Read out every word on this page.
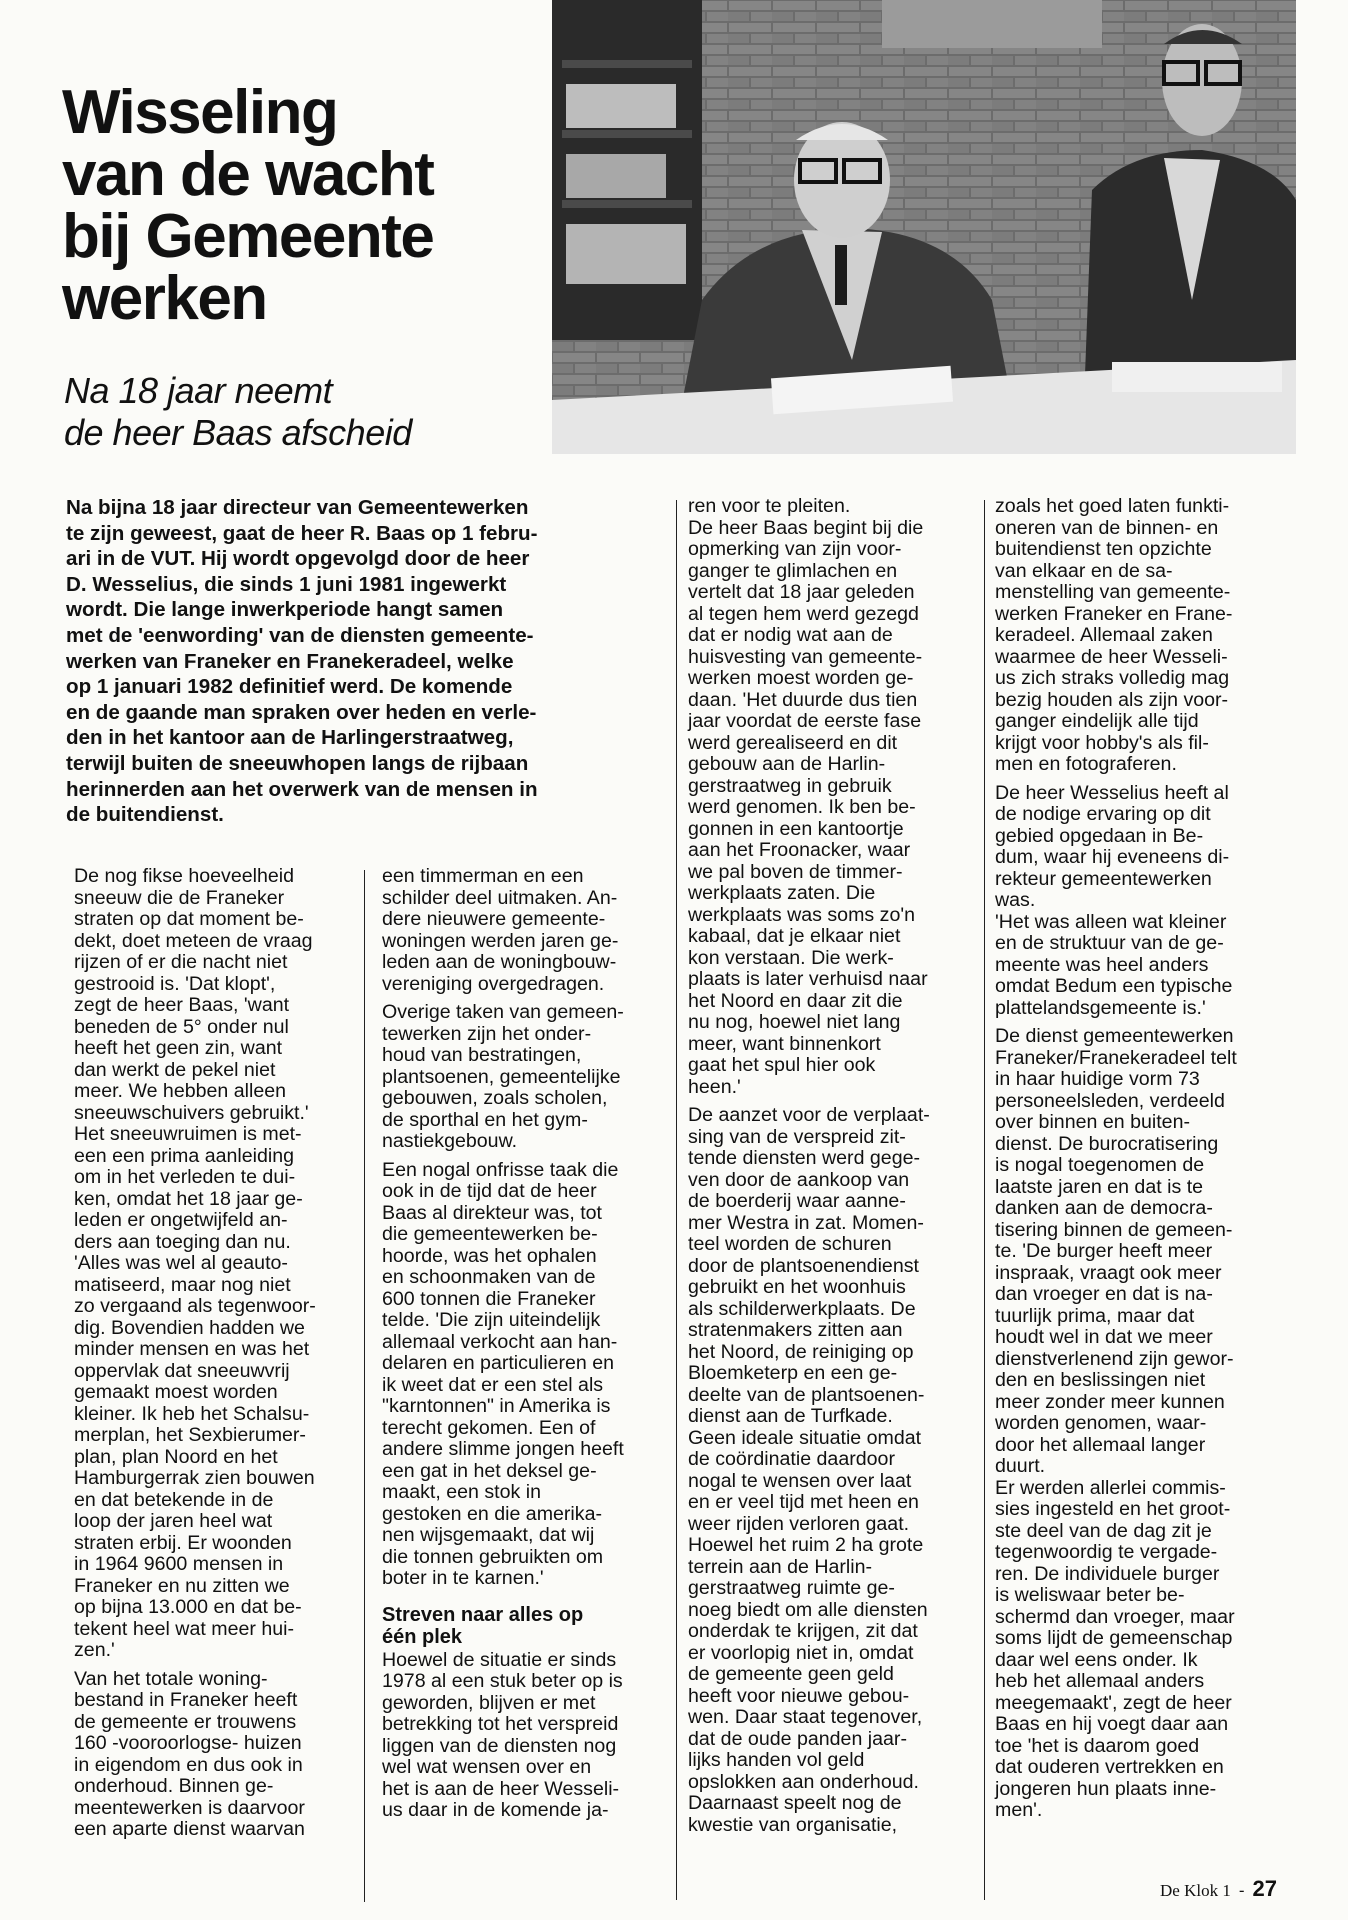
Wisseling
van de wacht
bij Gemeente
werken
Na 18 jaar neemt
de heer Baas afscheid
Na bijna 18 jaar directeur van Gemeentewerken
te zijn geweest, gaat de heer R. Baas op 1 febru-
ari in de VUT. Hij wordt opgevolgd door de heer
D. Wesselius, die sinds 1 juni 1981 ingewerkt
wordt. Die lange inwerkperiode hangt samen
met de 'eenwording' van de diensten gemeente-
werken van Franeker en Franekeradeel, welke
op 1 januari 1982 definitief werd. De komende
en de gaande man spraken over heden en verle-
den in het kantoor aan de Harlingerstraatweg,
terwijl buiten de sneeuwhopen langs de rijbaan
herinnerden aan het overwerk van de mensen in
de buitendienst.
De nog fikse hoeveelheid
sneeuw die de Franeker
straten op dat moment be-
dekt, doet meteen de vraag
rijzen of er die nacht niet
gestrooid is. 'Dat klopt',
zegt de heer Baas, 'want
beneden de 5° onder nul
heeft het geen zin, want
dan werkt de pekel niet
meer. We hebben alleen
sneeuwschuivers gebruikt.'
Het sneeuwruimen is met-
een een prima aanleiding
om in het verleden te dui-
ken, omdat het 18 jaar ge-
leden er ongetwijfeld an-
ders aan toeging dan nu.
'Alles was wel al geauto-
matiseerd, maar nog niet
zo vergaand als tegenwoor-
dig. Bovendien hadden we
minder mensen en was het
oppervlak dat sneeuwvrij
gemaakt moest worden
kleiner. Ik heb het Schalsu-
merplan, het Sexbierumer-
plan, plan Noord en het
Hamburgerrak zien bouwen
en dat betekende in de
loop der jaren heel wat
straten erbij. Er woonden
in 1964 9600 mensen in
Franeker en nu zitten we
op bijna 13.000 en dat be-
tekent heel wat meer hui-
zen.'
Van het totale woning-
bestand in Franeker heeft
de gemeente er trouwens
160 -vooroorlogse- huizen
in eigendom en dus ook in
onderhoud. Binnen ge-
meentewerken is daarvoor
een aparte dienst waarvan
een timmerman en een
schilder deel uitmaken. An-
dere nieuwere gemeente-
woningen werden jaren ge-
leden aan de woningbouw-
vereniging overgedragen.
Overige taken van gemeen-
tewerken zijn het onder-
houd van bestratingen,
plantsoenen, gemeentelijke
gebouwen, zoals scholen,
de sporthal en het gym-
nastiekgebouw.
Een nogal onfrisse taak die
ook in de tijd dat de heer
Baas al direkteur was, tot
die gemeentewerken be-
hoorde, was het ophalen
en schoonmaken van de
600 tonnen die Franeker
telde. 'Die zijn uiteindelijk
allemaal verkocht aan han-
delaren en particulieren en
ik weet dat er een stel als
"karntonnen" in Amerika is
terecht gekomen. Een of
andere slimme jongen heeft
een gat in het deksel ge-
maakt, een stok in
gestoken en die amerika-
nen wijsgemaakt, dat wij
die tonnen gebruikten om
boter in te karnen.'
Streven naar alles op
één plek
Hoewel de situatie er sinds
1978 al een stuk beter op is
geworden, blijven er met
betrekking tot het verspreid
liggen van de diensten nog
wel wat wensen over en
het is aan de heer Wesseli-
us daar in de komende ja-
ren voor te pleiten.
De heer Baas begint bij die
opmerking van zijn voor-
ganger te glimlachen en
vertelt dat 18 jaar geleden
al tegen hem werd gezegd
dat er nodig wat aan de
huisvesting van gemeente-
werken moest worden ge-
daan. 'Het duurde dus tien
jaar voordat de eerste fase
werd gerealiseerd en dit
gebouw aan de Harlin-
gerstraatweg in gebruik
werd genomen. Ik ben be-
gonnen in een kantoortje
aan het Froonacker, waar
we pal boven de timmer-
werkplaats zaten. Die
werkplaats was soms zo'n
kabaal, dat je elkaar niet
kon verstaan. Die werk-
plaats is later verhuisd naar
het Noord en daar zit die
nu nog, hoewel niet lang
meer, want binnenkort
gaat het spul hier ook
heen.'
De aanzet voor de verplaat-
sing van de verspreid zit-
tende diensten werd gege-
ven door de aankoop van
de boerderij waar aanne-
mer Westra in zat. Momen-
teel worden de schuren
door de plantsoenendienst
gebruikt en het woonhuis
als schilderwerkplaats. De
stratenmakers zitten aan
het Noord, de reiniging op
Bloemketerp en een ge-
deelte van de plantsoenen-
dienst aan de Turfkade.
Geen ideale situatie omdat
de coördinatie daardoor
nogal te wensen over laat
en er veel tijd met heen en
weer rijden verloren gaat.
Hoewel het ruim 2 ha grote
terrein aan de Harlin-
gerstraatweg ruimte ge-
noeg biedt om alle diensten
onderdak te krijgen, zit dat
er voorlopig niet in, omdat
de gemeente geen geld
heeft voor nieuwe gebou-
wen. Daar staat tegenover,
dat de oude panden jaar-
lijks handen vol geld
opslokken aan onderhoud.
Daarnaast speelt nog de
kwestie van organisatie,
zoals het goed laten funkti-
oneren van de binnen- en
buitendienst ten opzichte
van elkaar en de sa-
menstelling van gemeente-
werken Franeker en Frane-
keradeel. Allemaal zaken
waarmee de heer Wesseli-
us zich straks volledig mag
bezig houden als zijn voor-
ganger eindelijk alle tijd
krijgt voor hobby's als fil-
men en fotograferen.
De heer Wesselius heeft al
de nodige ervaring op dit
gebied opgedaan in Be-
dum, waar hij eveneens di-
rekteur gemeentewerken
was.
'Het was alleen wat kleiner
en de struktuur van de ge-
meente was heel anders
omdat Bedum een typische
plattelandsgemeente is.'
De dienst gemeentewerken
Franeker/Franekeradeel telt
in haar huidige vorm 73
personeelsleden, verdeeld
over binnen en buiten-
dienst. De burocratisering
is nogal toegenomen de
laatste jaren en dat is te
danken aan de democra-
tisering binnen de gemeen-
te. 'De burger heeft meer
inspraak, vraagt ook meer
dan vroeger en dat is na-
tuurlijk prima, maar dat
houdt wel in dat we meer
dienstverlenend zijn gewor-
den en beslissingen niet
meer zonder meer kunnen
worden genomen, waar-
door het allemaal langer
duurt.
Er werden allerlei commis-
sies ingesteld en het groot-
ste deel van de dag zit je
tegenwoordig te vergade-
ren. De individuele burger
is weliswaar beter be-
schermd dan vroeger, maar
soms lijdt de gemeenschap
daar wel eens onder. Ik
heb het allemaal anders
meegemaakt', zegt de heer
Baas en hij voegt daar aan
toe 'het is daarom goed
dat ouderen vertrekken en
jongeren hun plaats inne-
men'.
De Klok 1 - 27
